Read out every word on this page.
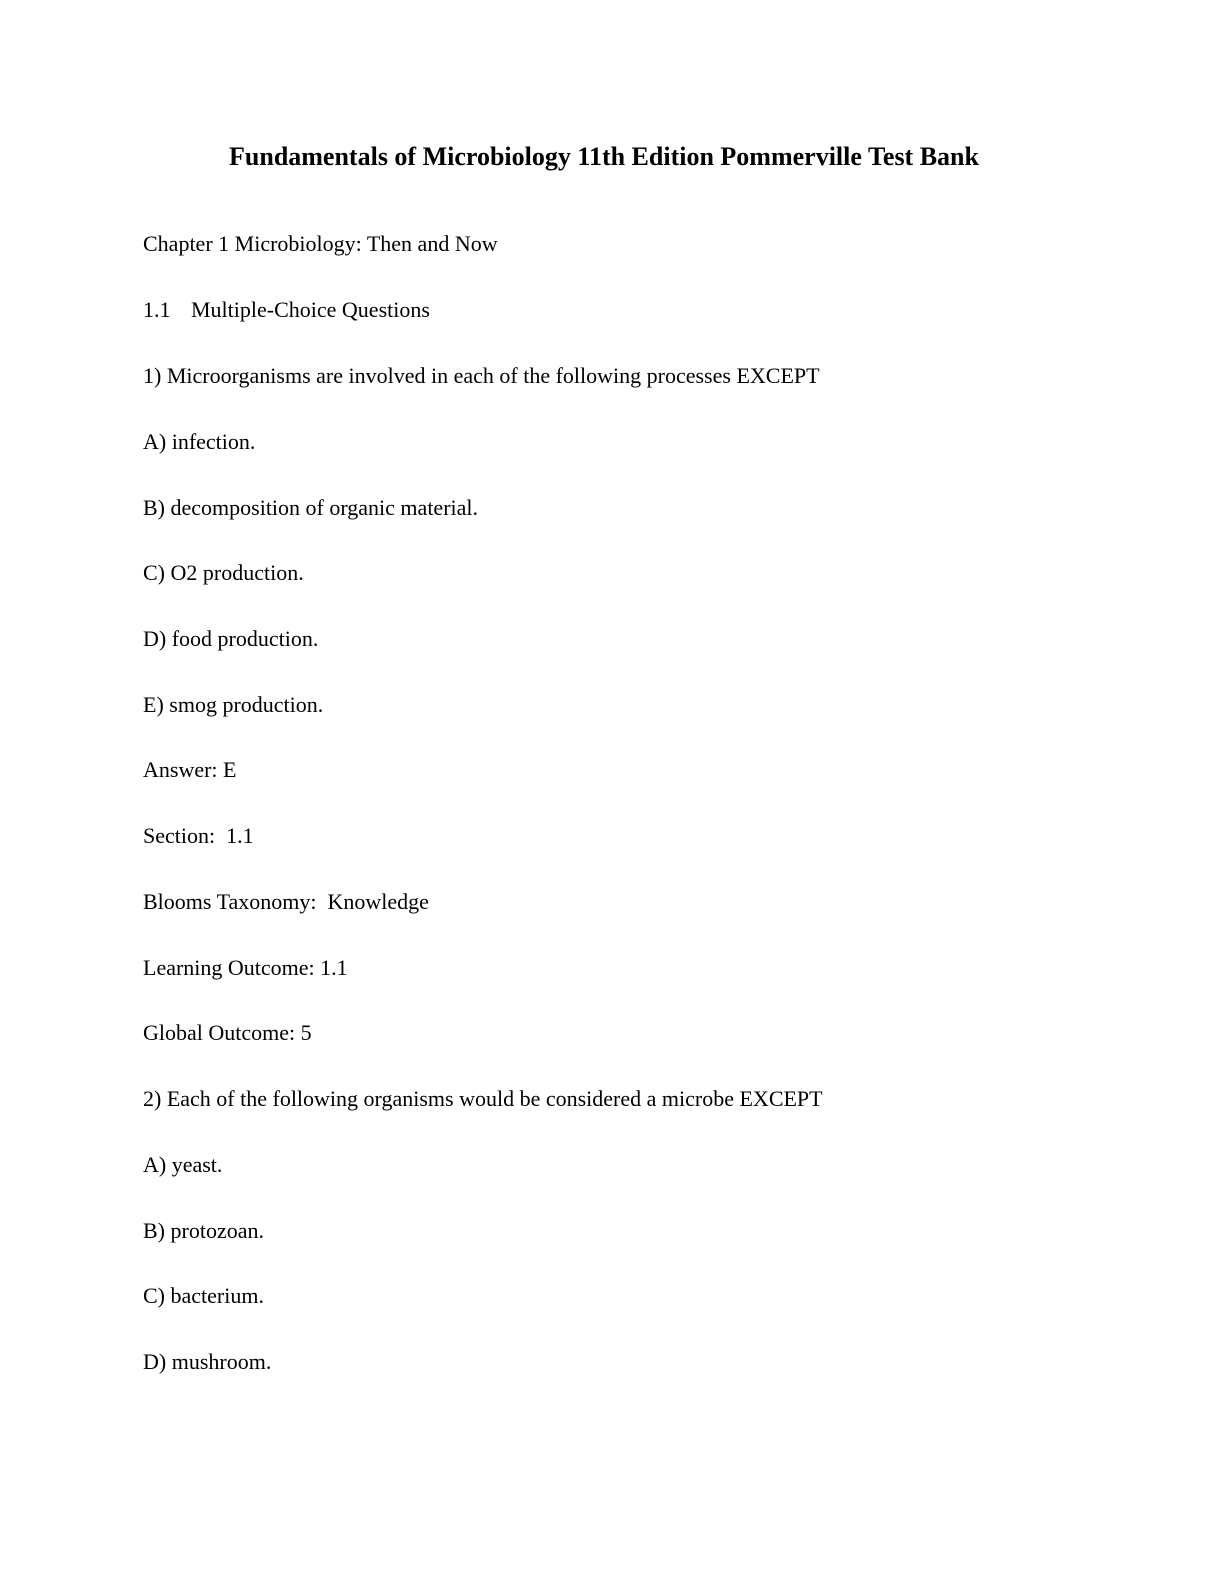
Fundamentals of Microbiology 11th Edition Pommerville Test Bank

Chapter 1 Microbiology: Then and Now

1.1 Multiple-Choice Questions

1) Microorganisms are involved in each of the following processes EXCEPT

A) infection.

B) decomposition of organic material.

C) O2 production.

D) food production.

E) smog production.

Answer: E

Section:  1.1

Blooms Taxonomy:  Knowledge

Learning Outcome: 1.1

Global Outcome: 5

2) Each of the following organisms would be considered a microbe EXCEPT

A) yeast.

B) protozoan.

C) bacterium.

D) mushroom.
